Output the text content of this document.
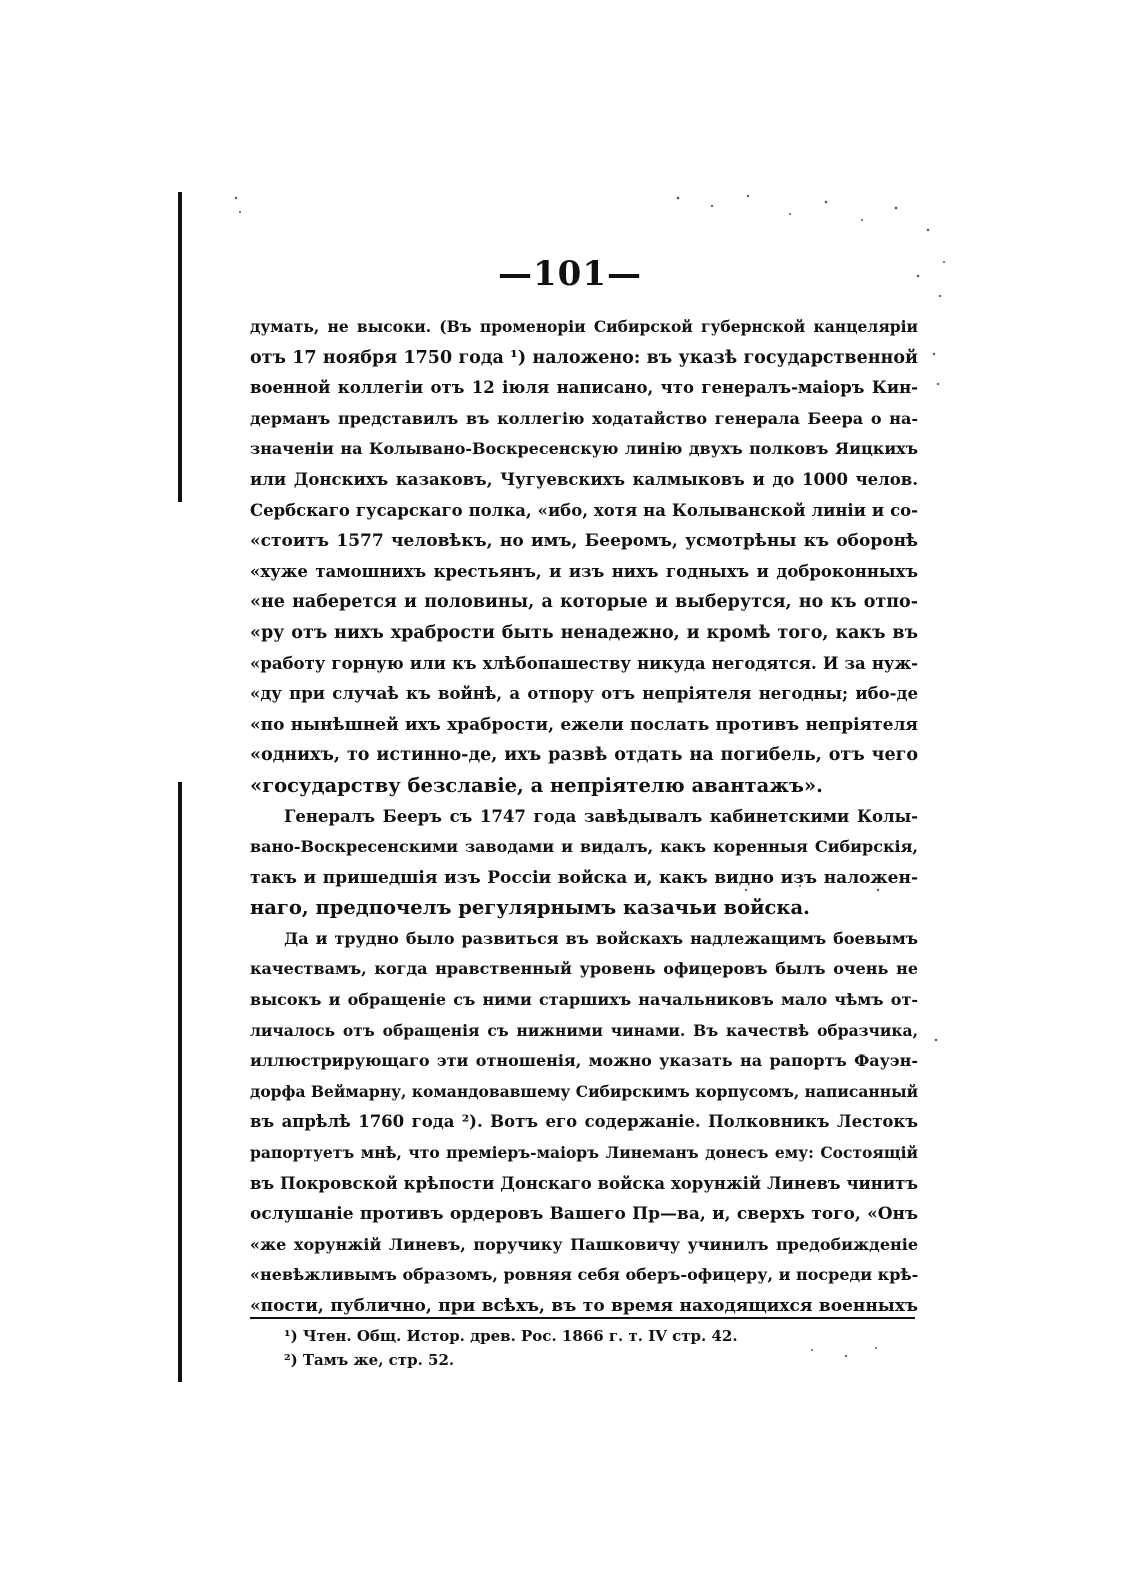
—101—
думать, не высоки. (Въ променоріи Сибирской губернской канцеляріи
отъ 17 ноября 1750 года ¹) наложено: въ указѣ государственной
военной коллегіи отъ 12 іюля написано, что генералъ-маіоръ Кин-
дерманъ представилъ въ коллегію ходатайство генерала Беера о на-
значеніи на Колывано-Воскресенскую линію двухъ полковъ Яицкихъ
или Донскихъ казаковъ, Чугуевскихъ калмыковъ и до 1000 челов.
Сербскаго гусарскаго полка, «ибо, хотя на Колыванской линіи и со-
«стоитъ 1577 человѣкъ, но имъ, Бееромъ, усмотрѣны къ оборонѣ
«хуже тамошнихъ крестьянъ, и изъ нихъ годныхъ и доброконныхъ
«не наберется и половины, а которые и выберутся, но къ отпо-
«ру отъ нихъ храбрости быть ненадежно, и кромѣ того, какъ въ
«работу горную или къ хлѣбопашеству никуда негодятся. И за нуж-
«ду при случаѣ къ войнѣ, а отпору отъ непріятеля негодны; ибо-де
«по нынѣшней ихъ храбрости, ежели послать противъ непріятеля
«однихъ, то истинно-де, ихъ развѣ отдать на погибель, отъ чего
«государству безславіе, а непріятелю авантажъ».
Генералъ Бееръ съ 1747 года завѣдывалъ кабинетскими Колы-
вано-Воскресенскими заводами и видалъ, какъ коренныя Сибирскія,
такъ и пришедшія изъ Россіи войска и, какъ видно изъ наложен-
наго, предпочелъ регулярнымъ казачьи войска.
Да и трудно было развиться въ войскахъ надлежащимъ боевымъ
качествамъ, когда нравственный уровень офицеровъ былъ очень не
высокъ и обращеніе съ ними старшихъ начальниковъ мало чѣмъ от-
личалось отъ обращенія съ нижними чинами. Въ качествѣ образчика,
иллюстрирующаго эти отношенія, можно указать на рапортъ Фауэн-
дорфа Веймарну, командовавшему Сибирскимъ корпусомъ, написанный
въ апрѣлѣ 1760 года ²). Вотъ его содержаніе. Полковникъ Лестокъ
рапортуетъ мнѣ, что преміеръ-маіоръ Линеманъ донесъ ему: Состоящій
въ Покровской крѣпости Донскаго войска хорунжій Линевъ чинитъ
ослушаніе противъ ордеровъ Вашего Пр—ва, и, сверхъ того, «Онъ
«же хорунжій Линевъ, поручику Пашковичу учинилъ предобижденіе
«невѣжливымъ образомъ, ровняя себя оберъ-офицеру, и посреди крѣ-
«пости, публично, при всѣхъ, въ то время находящихся военныхъ
¹) Чтен. Общ. Истор. древ. Рос. 1866 г. т. IV стр. 42.
²) Тамъ же, стр. 52.
